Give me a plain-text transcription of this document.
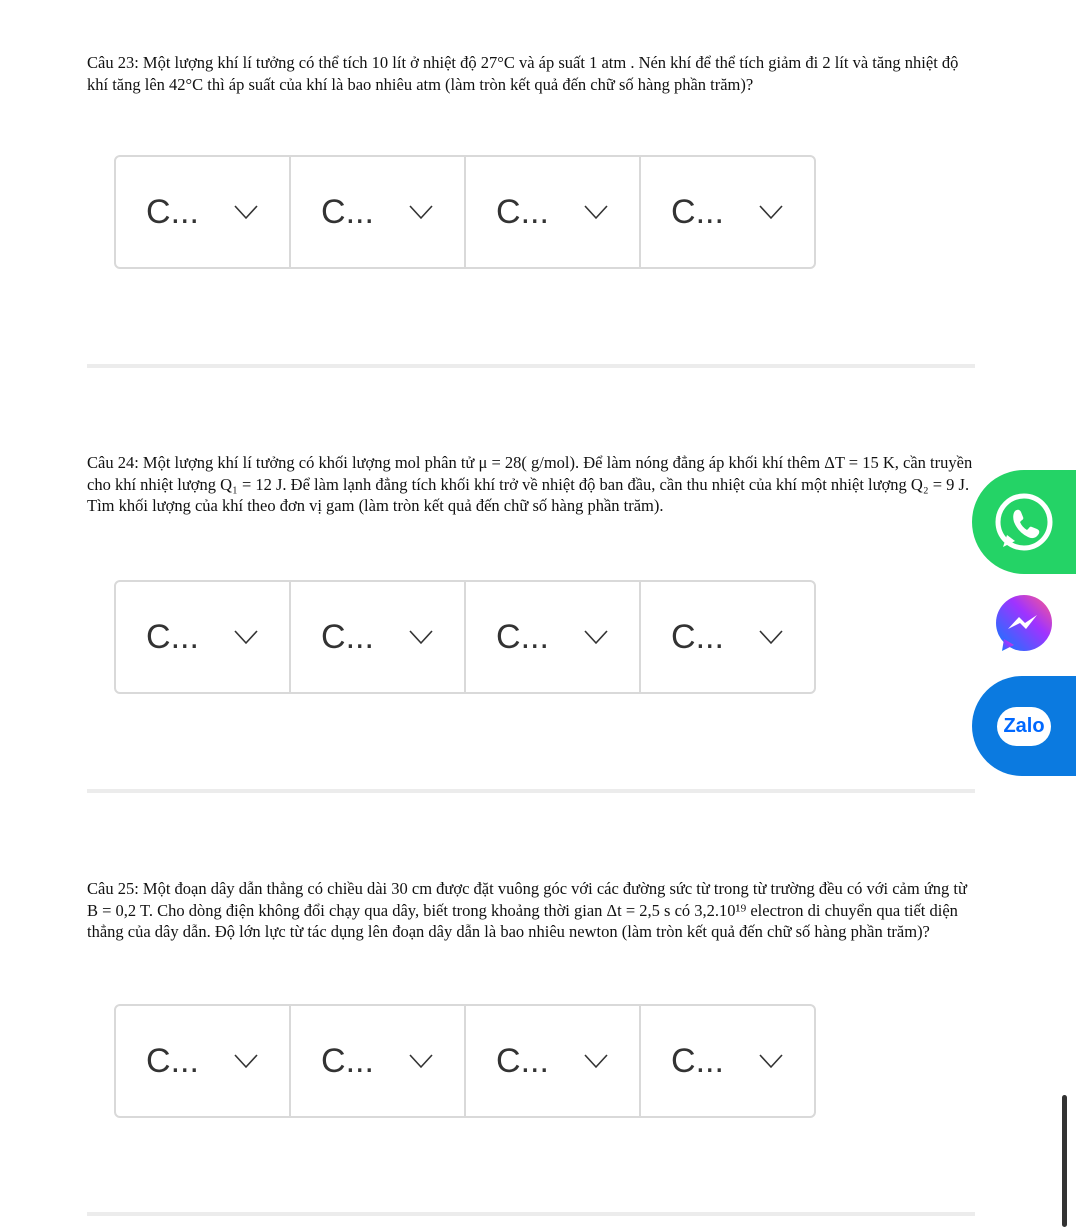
Câu 23: Một lượng khí lí tưởng có thể tích 10 lít ở nhiệt độ 27°C và áp suất 1 atm . Nén khí để thể tích giảm đi 2 lít và tăng nhiệt độ khí tăng lên 42°C thì áp suất của khí là bao nhiêu atm (làm tròn kết quả đến chữ số hàng phần trăm)?
C...	C...	C...	C...
Câu 24: Một lượng khí lí tưởng có khối lượng mol phân tử μ = 28( g/mol). Để làm nóng đẳng áp khối khí thêm ΔT = 15 K, cần truyền cho khí nhiệt lượng Q₁ = 12 J. Để làm lạnh đẳng tích khối khí trở về nhiệt độ ban đầu, cần thu nhiệt của khí một nhiệt lượng Q₂ = 9 J. Tìm khối lượng của khí theo đơn vị gam (làm tròn kết quả đến chữ số hàng phần trăm).
C...	C...	C...	C...
Câu 25: Một đoạn dây dẫn thẳng có chiều dài 30 cm được đặt vuông góc với các đường sức từ trong từ trường đều có với cảm ứng từ B = 0,2 T. Cho dòng điện không đổi chạy qua dây, biết trong khoảng thời gian Δt = 2,5 s có 3,2.10¹⁹ electron di chuyển qua tiết diện thẳng của dây dẫn. Độ lớn lực từ tác dụng lên đoạn dây dẫn là bao nhiêu newton (làm tròn kết quả đến chữ số hàng phần trăm)?
C...	C...	C...	C...
Zalo
